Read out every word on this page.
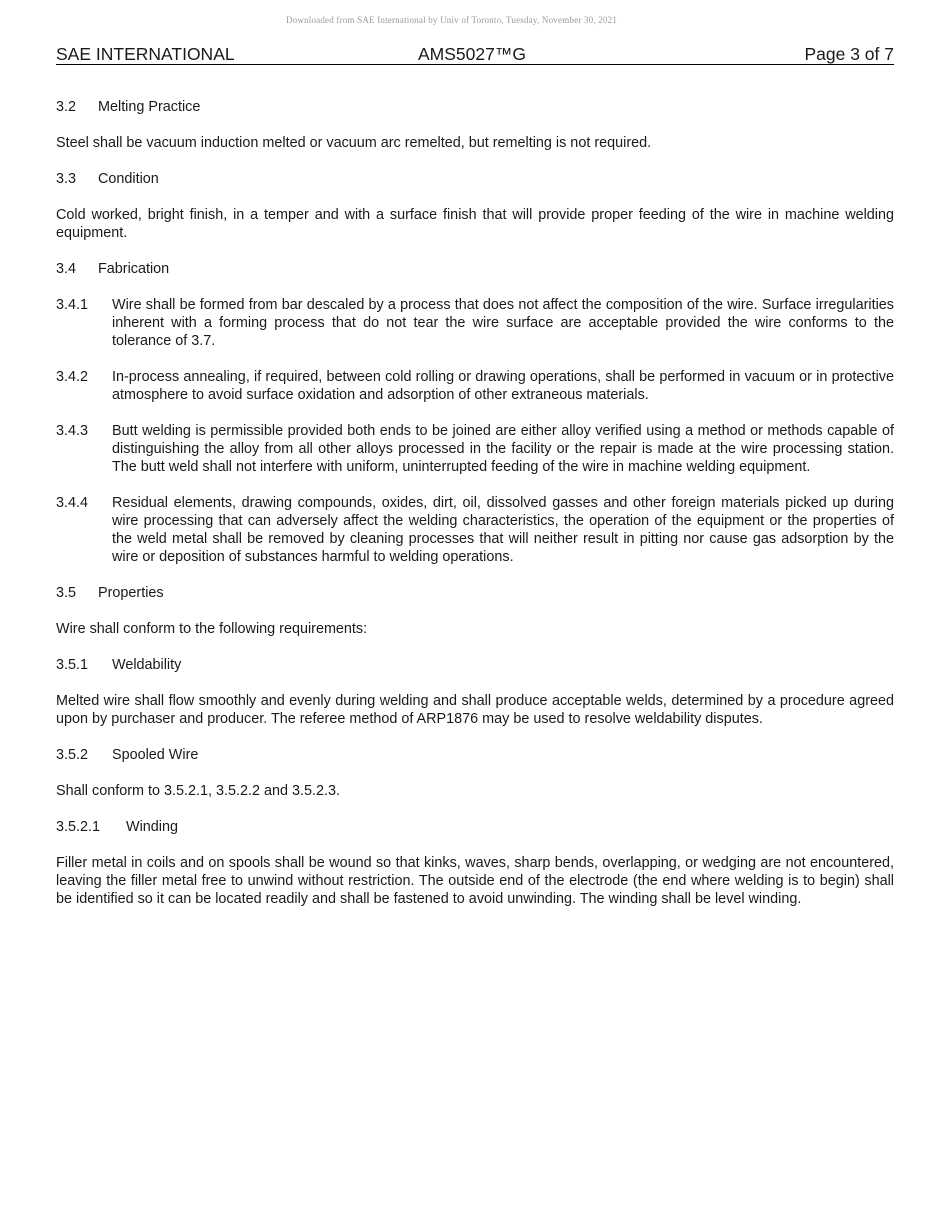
Downloaded from SAE International by Univ of Toronto, Tuesday, November 30, 2021
SAE INTERNATIONAL	AMS5027™G	Page 3 of 7
3.2 Melting Practice
Steel shall be vacuum induction melted or vacuum arc remelted, but remelting is not required.
3.3 Condition
Cold worked, bright finish, in a temper and with a surface finish that will provide proper feeding of the wire in machine welding equipment.
3.4 Fabrication
3.4.1 Wire shall be formed from bar descaled by a process that does not affect the composition of the wire. Surface irregularities inherent with a forming process that do not tear the wire surface are acceptable provided the wire conforms to the tolerance of 3.7.
3.4.2 In-process annealing, if required, between cold rolling or drawing operations, shall be performed in vacuum or in protective atmosphere to avoid surface oxidation and adsorption of other extraneous materials.
3.4.3 Butt welding is permissible provided both ends to be joined are either alloy verified using a method or methods capable of distinguishing the alloy from all other alloys processed in the facility or the repair is made at the wire processing station. The butt weld shall not interfere with uniform, uninterrupted feeding of the wire in machine welding equipment.
3.4.4 Residual elements, drawing compounds, oxides, dirt, oil, dissolved gasses and other foreign materials picked up during wire processing that can adversely affect the welding characteristics, the operation of the equipment or the properties of the weld metal shall be removed by cleaning processes that will neither result in pitting nor cause gas adsorption by the wire or deposition of substances harmful to welding operations.
3.5 Properties
Wire shall conform to the following requirements:
3.5.1 Weldability
Melted wire shall flow smoothly and evenly during welding and shall produce acceptable welds, determined by a procedure agreed upon by purchaser and producer. The referee method of ARP1876 may be used to resolve weldability disputes.
3.5.2 Spooled Wire
Shall conform to 3.5.2.1, 3.5.2.2 and 3.5.2.3.
3.5.2.1 Winding
Filler metal in coils and on spools shall be wound so that kinks, waves, sharp bends, overlapping, or wedging are not encountered, leaving the filler metal free to unwind without restriction. The outside end of the electrode (the end where welding is to begin) shall be identified so it can be located readily and shall be fastened to avoid unwinding. The winding shall be level winding.
